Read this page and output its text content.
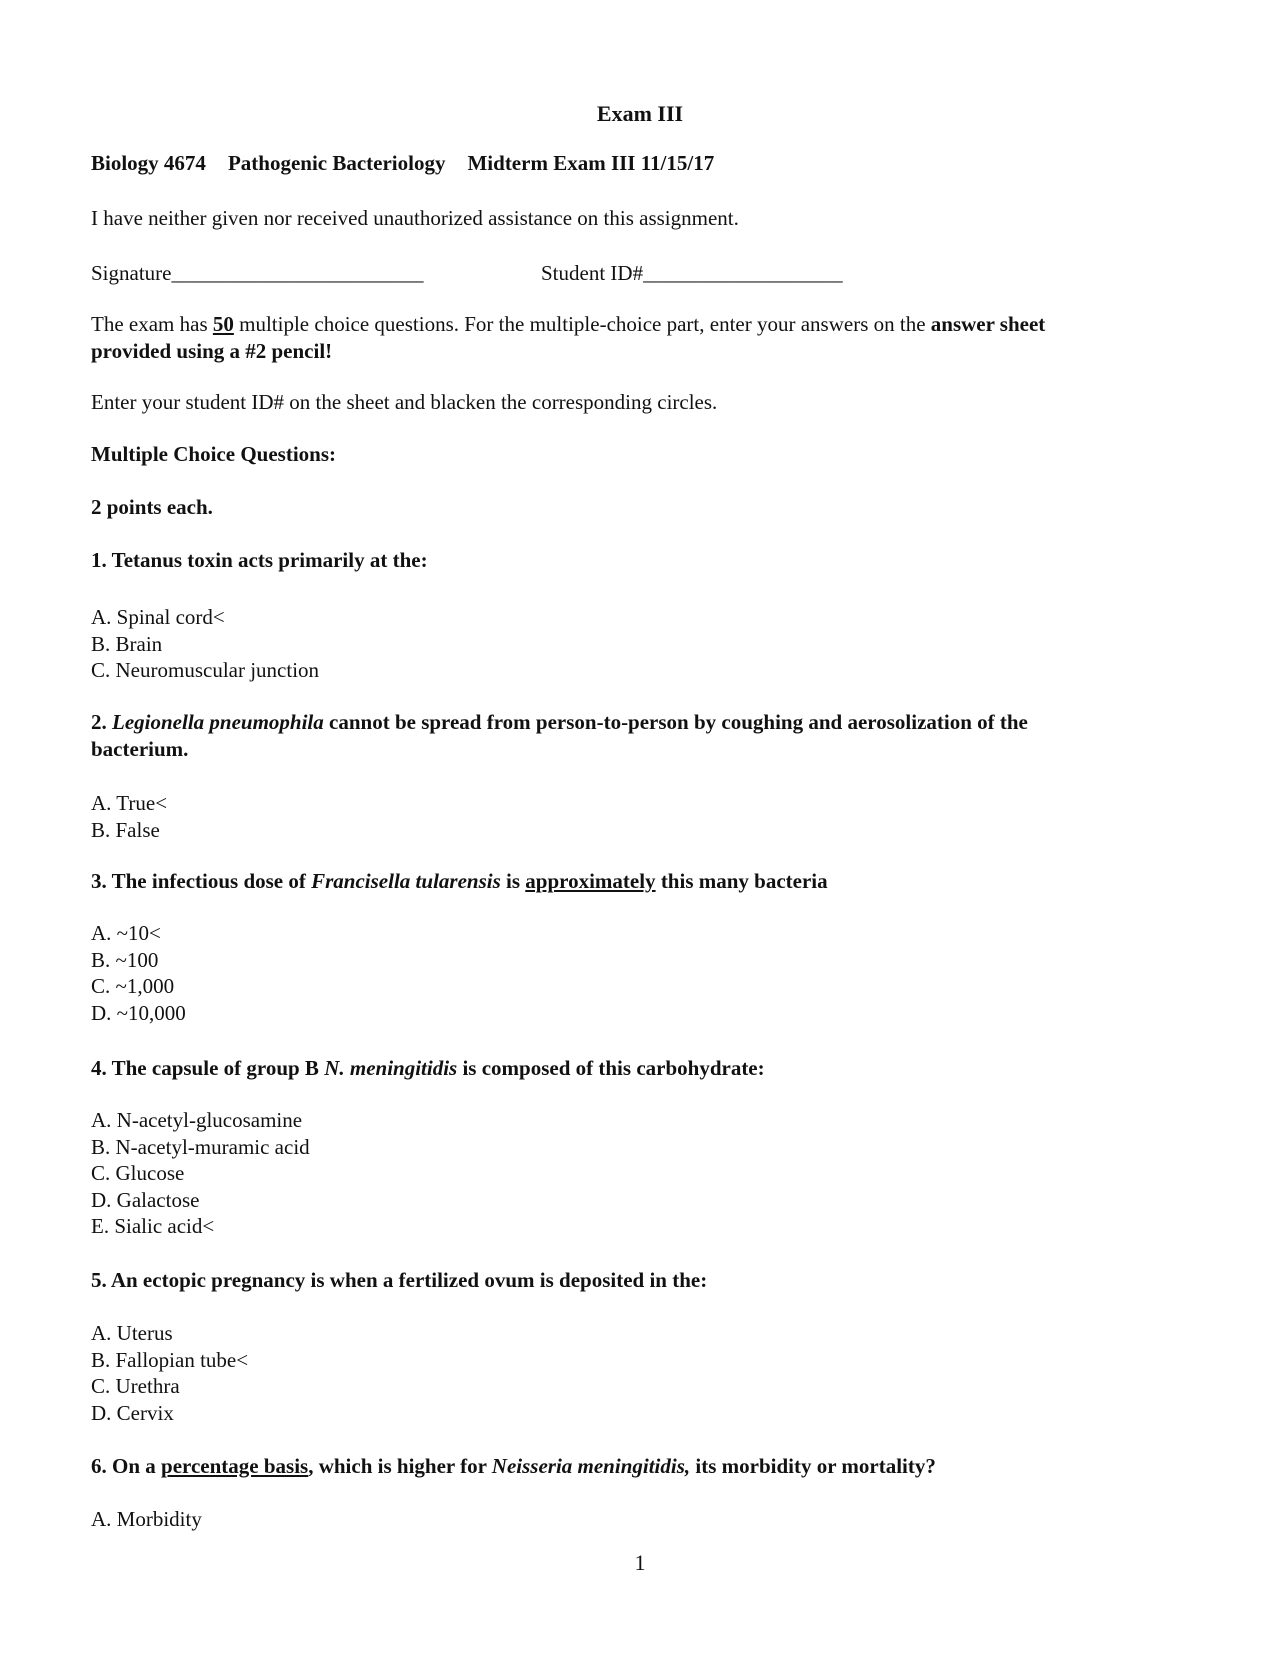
Exam III
Biology 4674 Pathogenic Bacteriology Midterm Exam III 11/15/17
I have neither given nor received unauthorized assistance on this assignment.
Signature________________________	Student ID#___________________
The exam has 50 multiple choice questions. For the multiple-choice part, enter your answers on the answer sheet
provided using a #2 pencil!
Enter your student ID# on the sheet and blacken the corresponding circles.
Multiple Choice Questions:
2 points each.
1. Tetanus toxin acts primarily at the:
A. Spinal cord<
B. Brain
C. Neuromuscular junction
2. Legionella pneumophila cannot be spread from person-to-person by coughing and aerosolization of the
bacterium.
A. True<
B. False
3. The infectious dose of Francisella tularensis is approximately this many bacteria
A. ~10<
B. ~100
C. ~1,000
D. ~10,000
4. The capsule of group B N. meningitidis is composed of this carbohydrate:
A. N-acetyl-glucosamine
B. N-acetyl-muramic acid
C. Glucose
D. Galactose
E. Sialic acid<
5. An ectopic pregnancy is when a fertilized ovum is deposited in the:
A. Uterus
B. Fallopian tube<
C. Urethra
D. Cervix
6. On a percentage basis, which is higher for Neisseria meningitidis, its morbidity or mortality?
A. Morbidity
1
